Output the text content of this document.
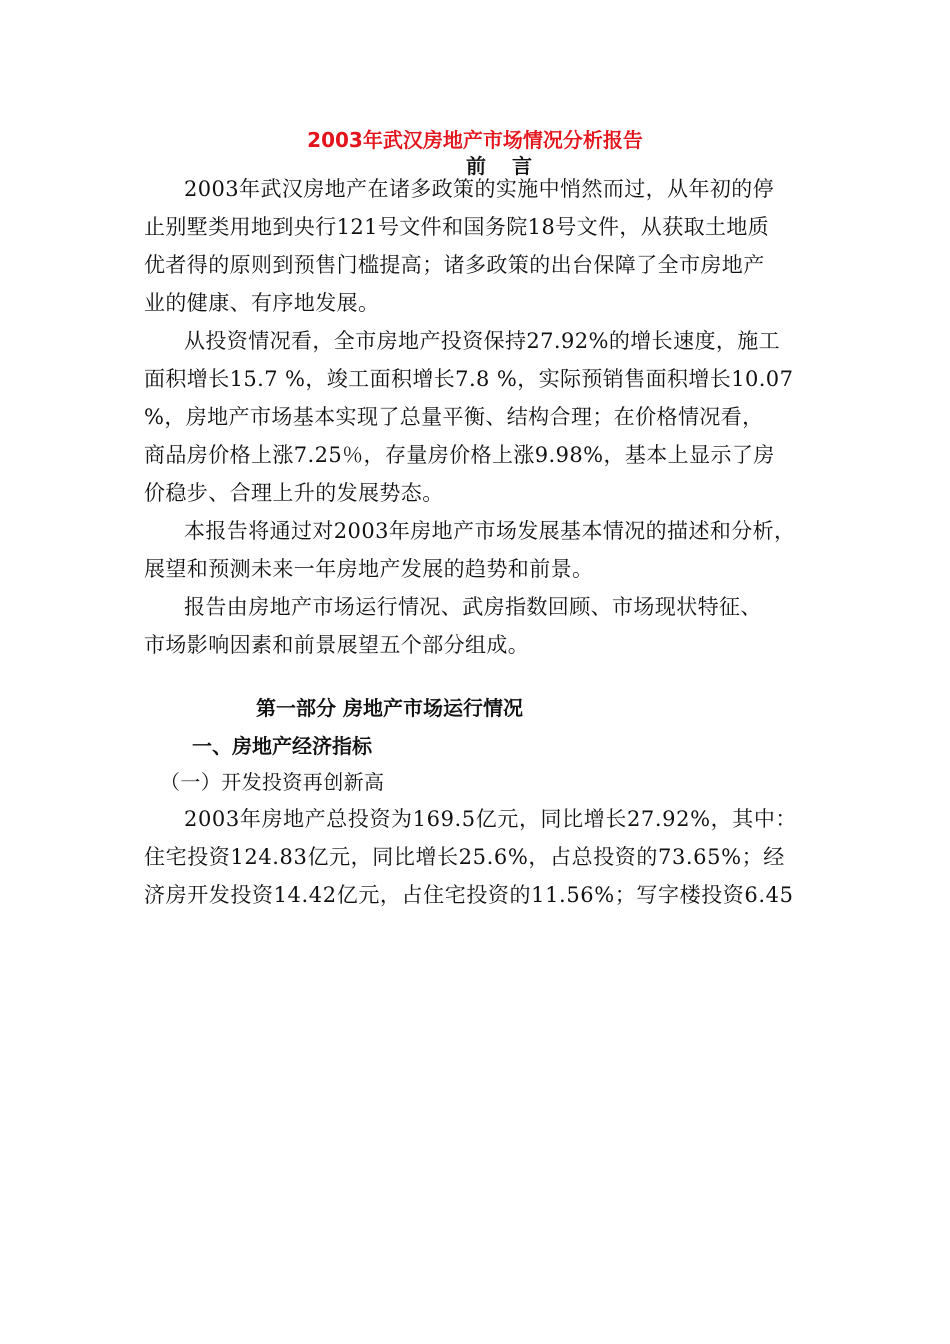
2003年武汉房地产市场情况分析报告
前言
2003年武汉房地产在诸多政策的实施中悄然而过，从年初的停
止别墅类用地到央行121号文件和国务院18号文件，从获取土地质
优者得的原则到预售门槛提高；诸多政策的出台保障了全市房地产
业的健康、有序地发展。
从投资情况看，全市房地产投资保持27.92%的增长速度，施工
面积增长15.7 %，竣工面积增长7.8 %，实际预销售面积增长10.07
%，房地产市场基本实现了总量平衡、结构合理；在价格情况看，
商品房价格上涨7.25％，存量房价格上涨9.98%，基本上显示了房
价稳步、合理上升的发展势态。
本报告将通过对2003年房地产市场发展基本情况的描述和分析，
展望和预测未来一年房地产发展的趋势和前景。
报告由房地产市场运行情况、武房指数回顾、市场现状特征、
市场影响因素和前景展望五个部分组成。
第一部分 房地产市场运行情况
一、房地产经济指标
（一）开发投资再创新高
2003年房地产总投资为169.5亿元，同比增长27.92%，其中：
住宅投资124.83亿元，同比增长25.6%，占总投资的73.65%；经
济房开发投资14.42亿元，占住宅投资的11.56%；写字楼投资6.45
